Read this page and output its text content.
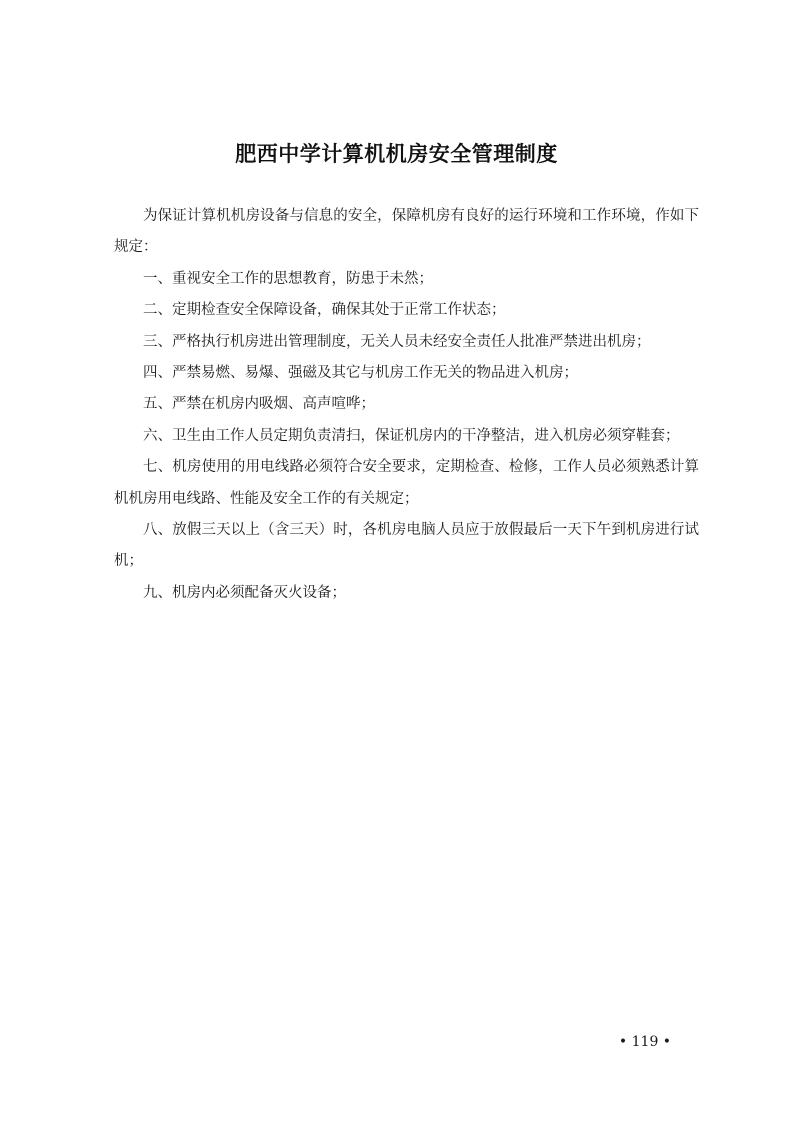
肥西中学计算机机房安全管理制度

为保证计算机机房设备与信息的安全，保障机房有良好的运行环境和工作环境，作如下规定：

一、重视安全工作的思想教育，防患于未然；

二、定期检查安全保障设备，确保其处于正常工作状态；

三、严格执行机房进出管理制度，无关人员未经安全责任人批准严禁进出机房；

四、严禁易燃、易爆、强磁及其它与机房工作无关的物品进入机房；

五、严禁在机房内吸烟、高声喧哗；

六、卫生由工作人员定期负责清扫，保证机房内的干净整洁，进入机房必须穿鞋套；

七、机房使用的用电线路必须符合安全要求，定期检查、检修，工作人员必须熟悉计算机机房用电线路、性能及安全工作的有关规定；

八、放假三天以上（含三天）时，各机房电脑人员应于放假最后一天下午到机房进行试机；

九、机房内必须配备灭火设备；

• 119 •
